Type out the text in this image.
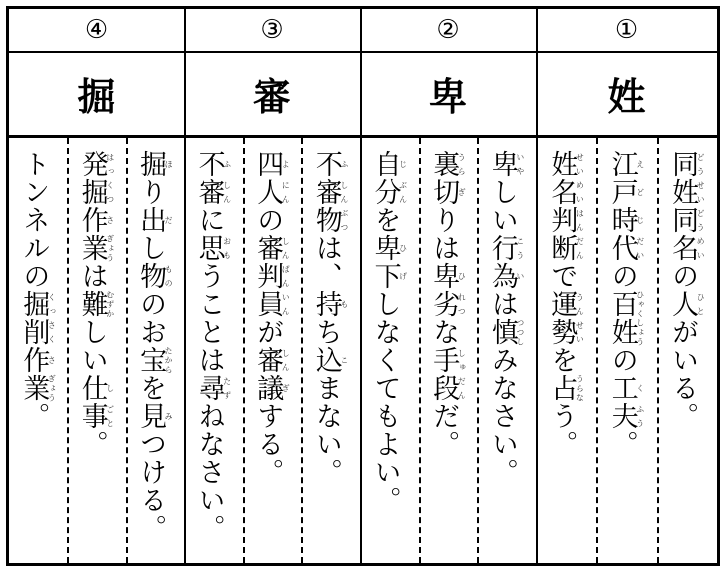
④
掘
トンネルの掘くっ削さく作さ業ぎょう。
発はっ掘くつ作さ業ぎょうは難むずかしい仕し事ごと。
掘ほり出だし物もののお宝たからを見みつける。
③
審
不ふ審しんに思おもうことは尋たずねなさい。
四よ人にんの審しん判ぱん員いんが審しん議ぎする。
不ふ審しん物ぶつは、持もち込こまない。
②
卑
自じ分ぶんを卑ひ下げしなくてもよい。
裏うら切ぎりは卑ひ劣れつな手しゅ段だんだ。
卑いやしい行こう為いは慎つつしみなさい。
①
姓
姓せい名めい判はん断だんで運うん勢せいを占うらなう。
江え戸ど時じ代だいの百ひゃく姓しょうの工く夫ふう。
同どう姓せい同どう名めいの人ひとがいる。
